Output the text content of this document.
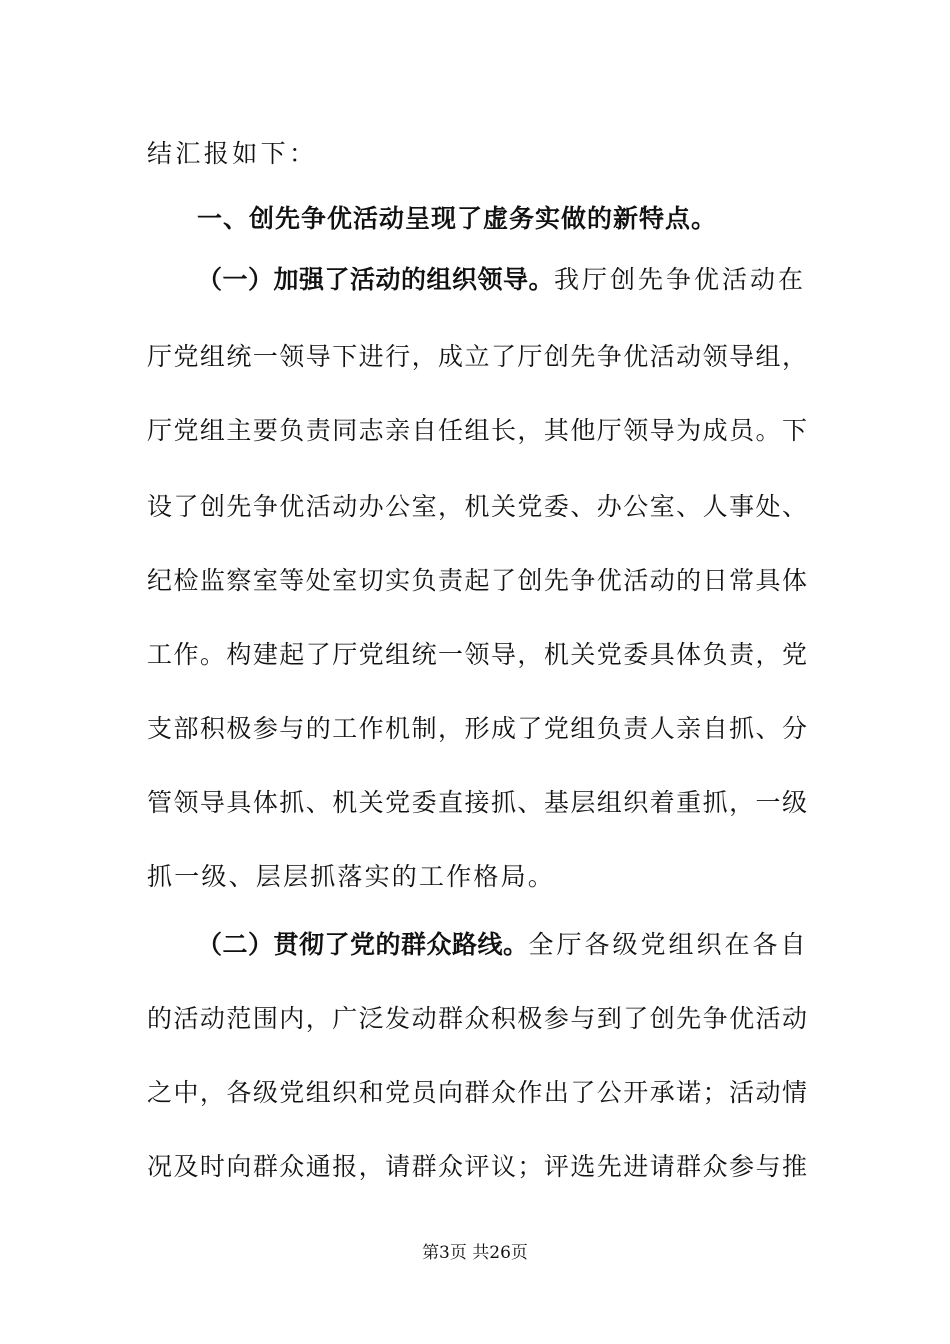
结汇报如下：
一、创先争优活动呈现了虚务实做的新特点。
（一）加强了活动的组织领导。我厅创先争优活动在
厅党组统一领导下进行，成立了厅创先争优活动领导组，
厅党组主要负责同志亲自任组长，其他厅领导为成员。下
设了创先争优活动办公室，机关党委、办公室、人事处、
纪检监察室等处室切实负责起了创先争优活动的日常具体
工作。构建起了厅党组统一领导，机关党委具体负责，党
支部积极参与的工作机制，形成了党组负责人亲自抓、分
管领导具体抓、机关党委直接抓、基层组织着重抓，一级
抓一级、层层抓落实的工作格局。
（二）贯彻了党的群众路线。全厅各级党组织在各自
的活动范围内，广泛发动群众积极参与到了创先争优活动
之中，各级党组织和党员向群众作出了公开承诺；活动情
况及时向群众通报，请群众评议；评选先进请群众参与推
第3页 共26页
